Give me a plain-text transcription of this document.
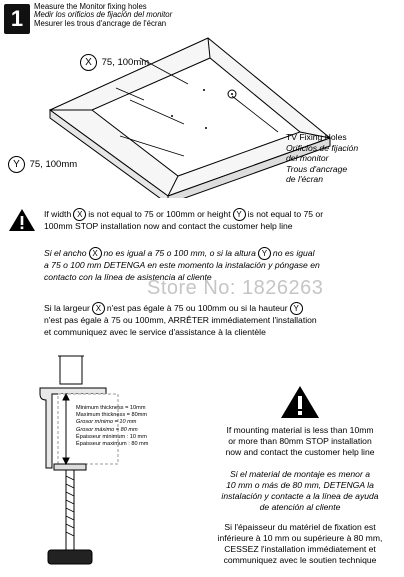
1	Measure the Monitor fixing holes
Medir los orificios de fijación del monitor
Mesurer les trous d'ancrage de l'écran
X 75, 100mm
Y 75, 100mm
TV Fixing Holes
Orificios de fijación
del monitor
Trous d'ancrage
de l'écran
If width X is not equal to 75 or 100mm or height Y is not equal to 75 or
100mm STOP installation now and contact the customer help line
Si el ancho X no es igual a 75 o 100 mm, o si la altura Y no es igual
a 75 o 100 mm DETENGA en este momento la instalación y póngase en
contacto con la línea de asistencia al cliente
Store No: 1826263
Si la largeur X n'est pas égale à 75 ou 100mm ou si la hauteur Y
n'est pas égale à 75 ou 100mm, ARRÊTER immédiatement l'installation
et communiquez avec le service d'assistance à la clientèle
Minimum thickness = 10mm
Maximum thickness = 80mm
Grosor mínimo = 10 mm
Grosor máximo = 80 mm
Épaisseur minimum : 10 mm
Épaisseur maximum : 80 mm
If mounting material is less than 10mm
or more than 80mm STOP installation
now and contact the customer help line
Si el material de montaje es menor a
10 mm o más de 80 mm, DETENGA la
instalación y contacte a la línea de ayuda
de atención al cliente
Si l'épaisseur du matériel de fixation est
inférieure à 10 mm ou supérieure à 80 mm,
CESSEZ l'installation immédiatement et
communiquez avec le soutien technique
